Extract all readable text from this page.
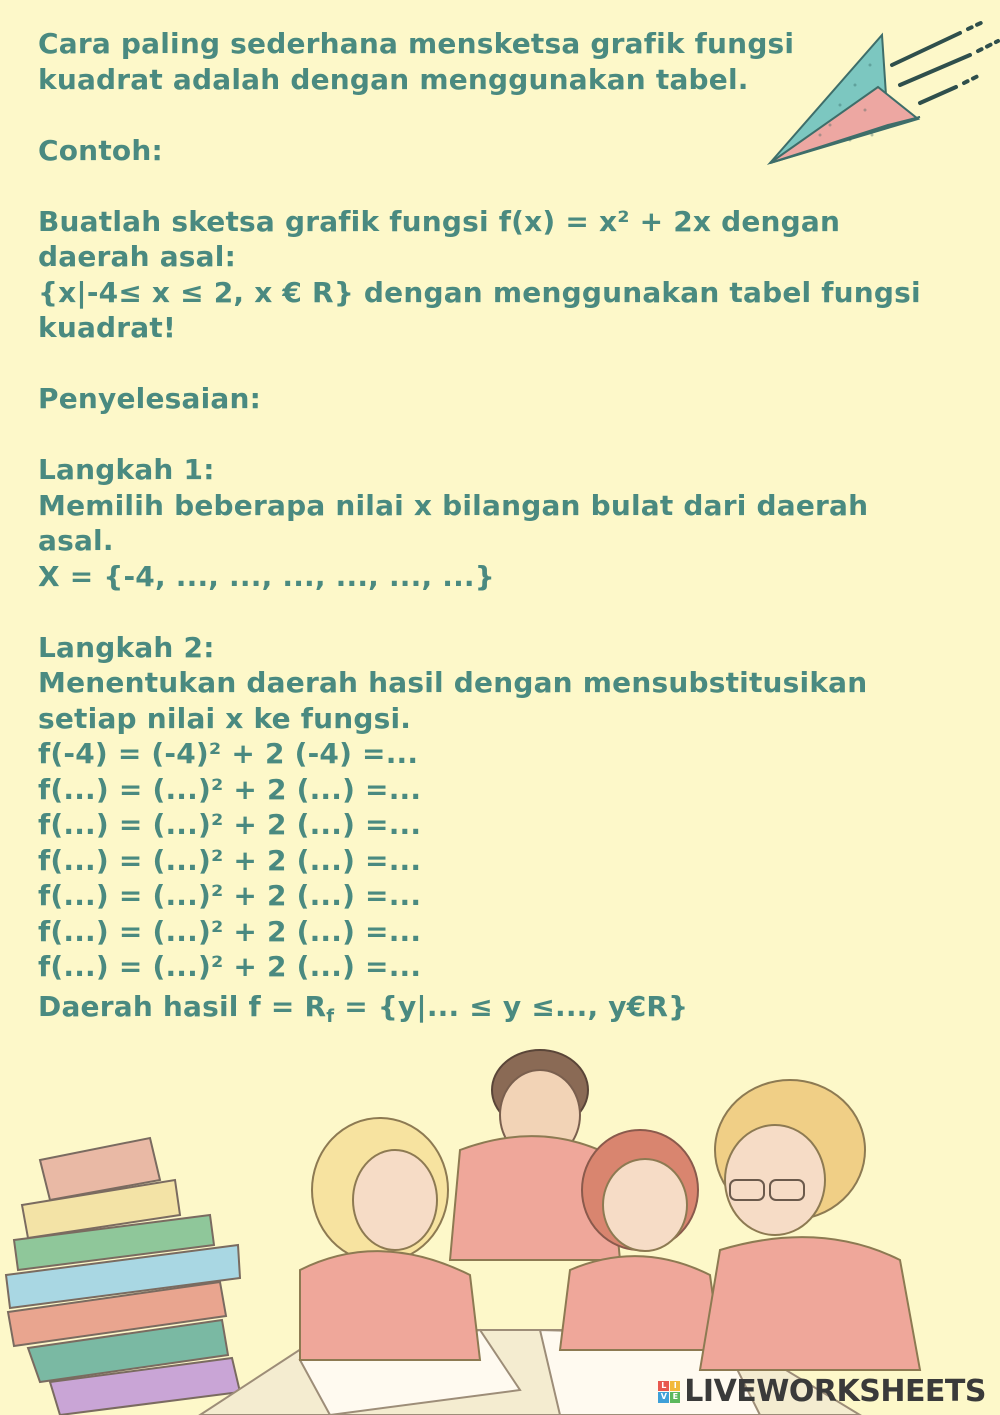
Cara paling sederhana mensketsa grafik fungsi
kuadrat adalah dengan menggunakan tabel.
Contoh:
Buatlah sketsa grafik fungsi f(x) = x² + 2x dengan
daerah asal:
{x|-4≤ x ≤ 2, x € R} dengan menggunakan tabel fungsi
kuadrat!
Penyelesaian:
Langkah 1:
Memilih beberapa nilai x bilangan bulat dari daerah
asal.
X = {-4, ..., ..., ..., ..., ..., ...}
Langkah 2:
Menentukan daerah hasil dengan mensubstitusikan
setiap nilai x ke fungsi.
f(-4) = (-4)² + 2 (-4) =...
f(...) = (...)² + 2 (...) =...
f(...) = (...)² + 2 (...) =...
f(...) = (...)² + 2 (...) =...
f(...) = (...)² + 2 (...) =...
f(...) = (...)² + 2 (...) =...
f(...) = (...)² + 2 (...) =...
Daerah hasil $f = R_f = \{y|$... ≤ y ≤..., y€R}
L I
V E LIVEWORKSHEETS
